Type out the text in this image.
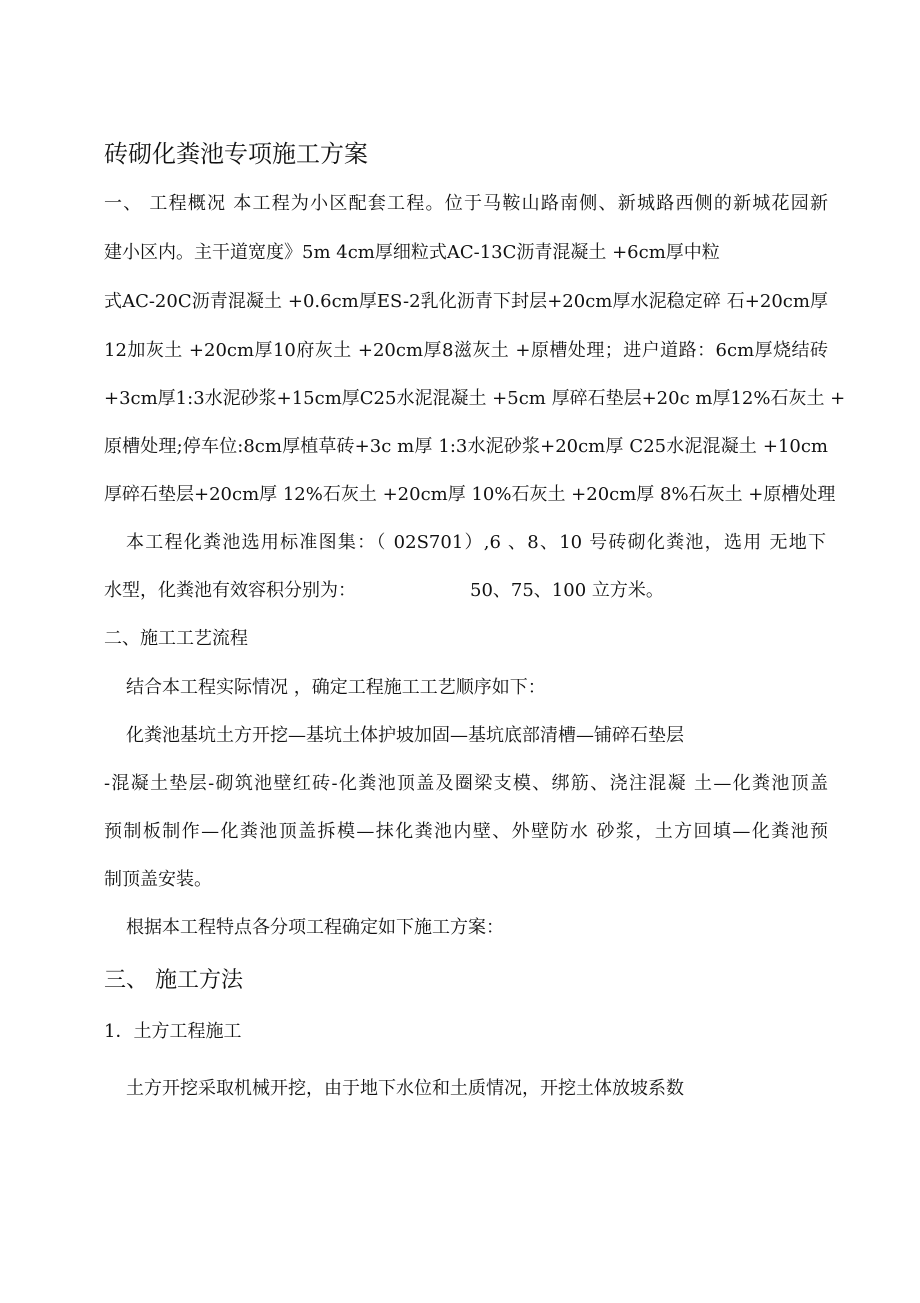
砖砌化粪池专项施工方案
一、 工程概况 本工程为小区配套工程。位于马鞍山路南侧、新城路西侧的新城花园新
建小区内。主干道宽度》5m 4cm厚细粒式AC-13C沥青混凝土 +6cm厚中粒
式AC-20C沥青混凝土 +0.6cm厚ES-2乳化沥青下封层+20cm厚水泥稳定碎 石+20cm厚
12加灰土 +20cm厚10府灰土 +20cm厚8滋灰土 +原槽处理；进户道路：6cm厚烧结砖
+3cm厚1:3水泥砂浆+15cm厚C25水泥混凝土 +5cm 厚碎石垫层+20c m厚12%石灰土 +
原槽处理;停车位:8cm厚植草砖+3c m厚 1:3水泥砂浆+20cm厚 C25水泥混凝土 +10cm
厚碎石垫层+20cm厚 12%石灰土 +20cm厚 10%石灰土 +20cm厚 8%石灰土 +原槽处理
本工程化粪池选用标准图集：（ 02S701）,6 、8、10 号砖砌化粪池，选用 无地下
水型，化粪池有效容积分别为：	50、75、100 立方米。
二、施工工艺流程
结合本工程实际情况 ，确定工程施工工艺顺序如下：
化粪池基坑土方开挖—基坑土体护坡加固—基坑底部清槽—铺碎石垫层
-混凝土垫层-砌筑池壁红砖-化粪池顶盖及圈梁支模、绑筋、浇注混凝 土—化粪池顶盖
预制板制作—化粪池顶盖拆模—抹化粪池内壁、外壁防水 砂浆，土方回填—化粪池预
制顶盖安装。
根据本工程特点各分项工程确定如下施工方案：
三、 施工方法
1．土方工程施工
土方开挖采取机械开挖，由于地下水位和土质情况，开挖土体放坡系数
